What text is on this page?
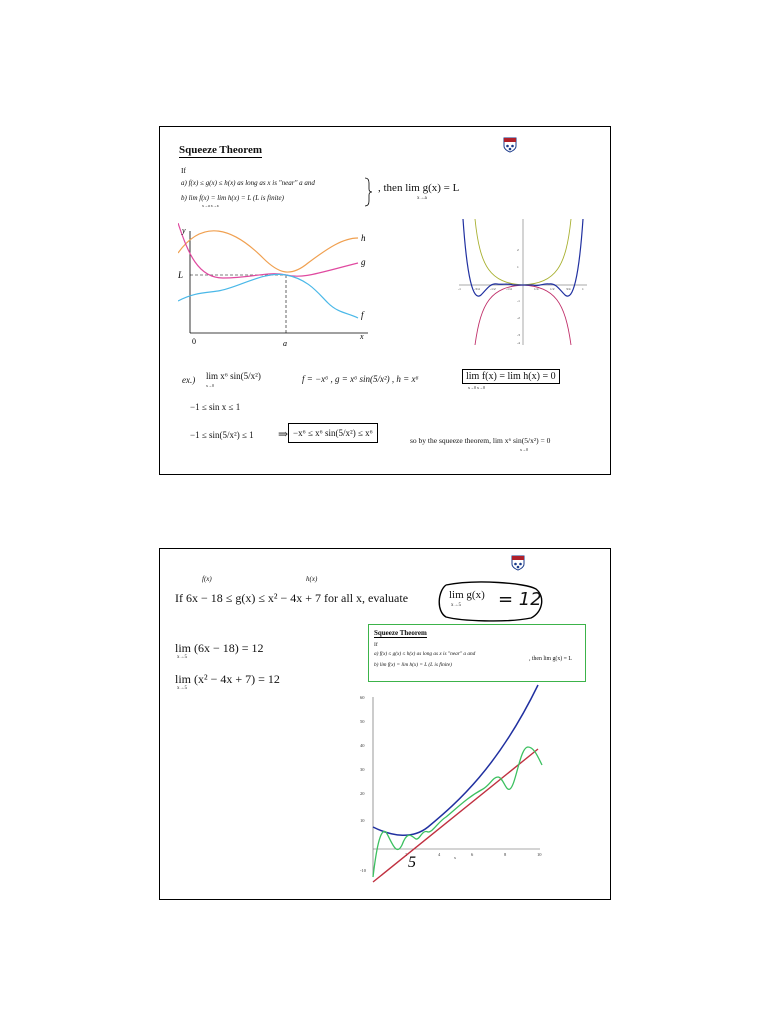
Squeeze Theorem
If
a) f(x) ≤ g(x) ≤ h(x) as long as x is "near" a and
b) lim f(x) = lim h(x) = L (L is finite)
x→a x→a
, then lim g(x) = L
x→a
y
h
g
f
L
0	a
x
-1	-3/4	-1/2	-1/4	1/4	1/2	3/4	1
2
1
-1
-2
-3
-4
ex.) lim x⁶ sin(5/x²)
x→0
f = −x⁶ , g = x⁶ sin(5/x²) , h = x⁶	lim f(x) = lim h(x) = 0
x→0 x→0
−1 ≤ sin x ≤ 1
−1 ≤ sin(5/x²) ≤ 1 ⇒ −x⁶ ≤ x⁶ sin(5/x²) ≤ x⁶
so by the squeeze theorem, lim x⁶ sin(5/x²) = 0
x→0
f(x)	h(x)
If 6x − 18 ≤ g(x) ≤ x² − 4x + 7 for all x, evaluate	lim g(x)
x→5 = 12
lim (6x − 18) = 12
x→5
lim (x² − 4x + 7) = 12
x→5
Squeeze Theorem
If
a) f(x) ≤ g(x) ≤ h(x) as long as x is "near" a and
b) lim f(x) = lim h(x) = L (L is finite)
, then lim g(x) = L
60
50
40
30
20
10
-10
2	4	6	8	10
x
5
